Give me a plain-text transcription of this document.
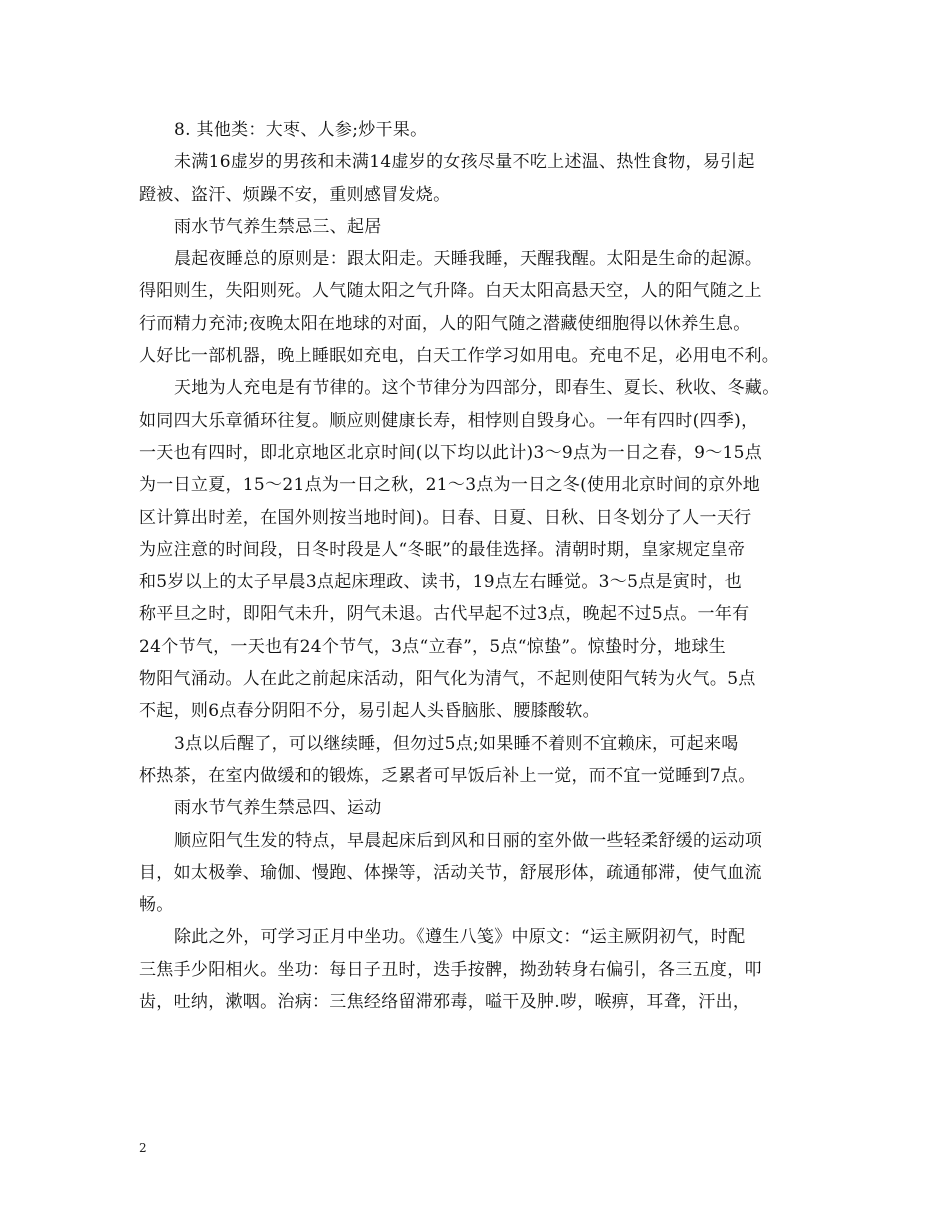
8. 其他类：大枣、人参;炒干果。
未满16虚岁的男孩和未满14虚岁的女孩尽量不吃上述温、热性食物，易引起
蹬被、盗汗、烦躁不安，重则感冒发烧。
雨水节气养生禁忌三、起居
晨起夜睡总的原则是：跟太阳走。天睡我睡，天醒我醒。太阳是生命的起源。
得阳则生，失阳则死。人气随太阳之气升降。白天太阳高悬天空，人的阳气随之上
行而精力充沛;夜晚太阳在地球的对面，人的阳气随之潜藏使细胞得以休养生息。
人好比一部机器，晚上睡眠如充电，白天工作学习如用电。充电不足，必用电不利。
天地为人充电是有节律的。这个节律分为四部分，即春生、夏长、秋收、冬藏。
如同四大乐章循环往复。顺应则健康长寿，相悖则自毁身心。一年有四时(四季)，
一天也有四时，即北京地区北京时间(以下均以此计)3～9点为一日之春，9～15点
为一日立夏，15～21点为一日之秋，21～3点为一日之冬(使用北京时间的京外地
区计算出时差，在国外则按当地时间)。日春、日夏、日秋、日冬划分了人一天行
为应注意的时间段，日冬时段是人“冬眠”的最佳选择。清朝时期，皇家规定皇帝
和5岁以上的太子早晨3点起床理政、读书，19点左右睡觉。3～5点是寅时，也
称平旦之时，即阳气未升，阴气未退。古代早起不过3点，晚起不过5点。一年有
24个节气，一天也有24个节气，3点“立春”，5点“惊蛰”。惊蛰时分，地球生
物阳气涌动。人在此之前起床活动，阳气化为清气，不起则使阳气转为火气。5点
不起，则6点春分阴阳不分，易引起人头昏脑胀、腰膝酸软。
3点以后醒了，可以继续睡，但勿过5点;如果睡不着则不宜赖床，可起来喝
杯热茶，在室内做缓和的锻炼，乏累者可早饭后补上一觉，而不宜一觉睡到7点。
雨水节气养生禁忌四、运动
顺应阳气生发的特点，早晨起床后到风和日丽的室外做一些轻柔舒缓的运动项
目，如太极拳、瑜伽、慢跑、体操等，活动关节，舒展形体，疏通郁滞，使气血流
畅。
除此之外，可学习正月中坐功。《遵生八笺》中原文：“运主厥阴初气，时配
三焦手少阳相火。坐功：每日子丑时，迭手按髀，拗劲转身右偏引，各三五度，叩
齿，吐纳，漱咽。治病：三焦经络留滞邪毒，嗌干及肿.哕，喉痹，耳聋，汗出，
2
